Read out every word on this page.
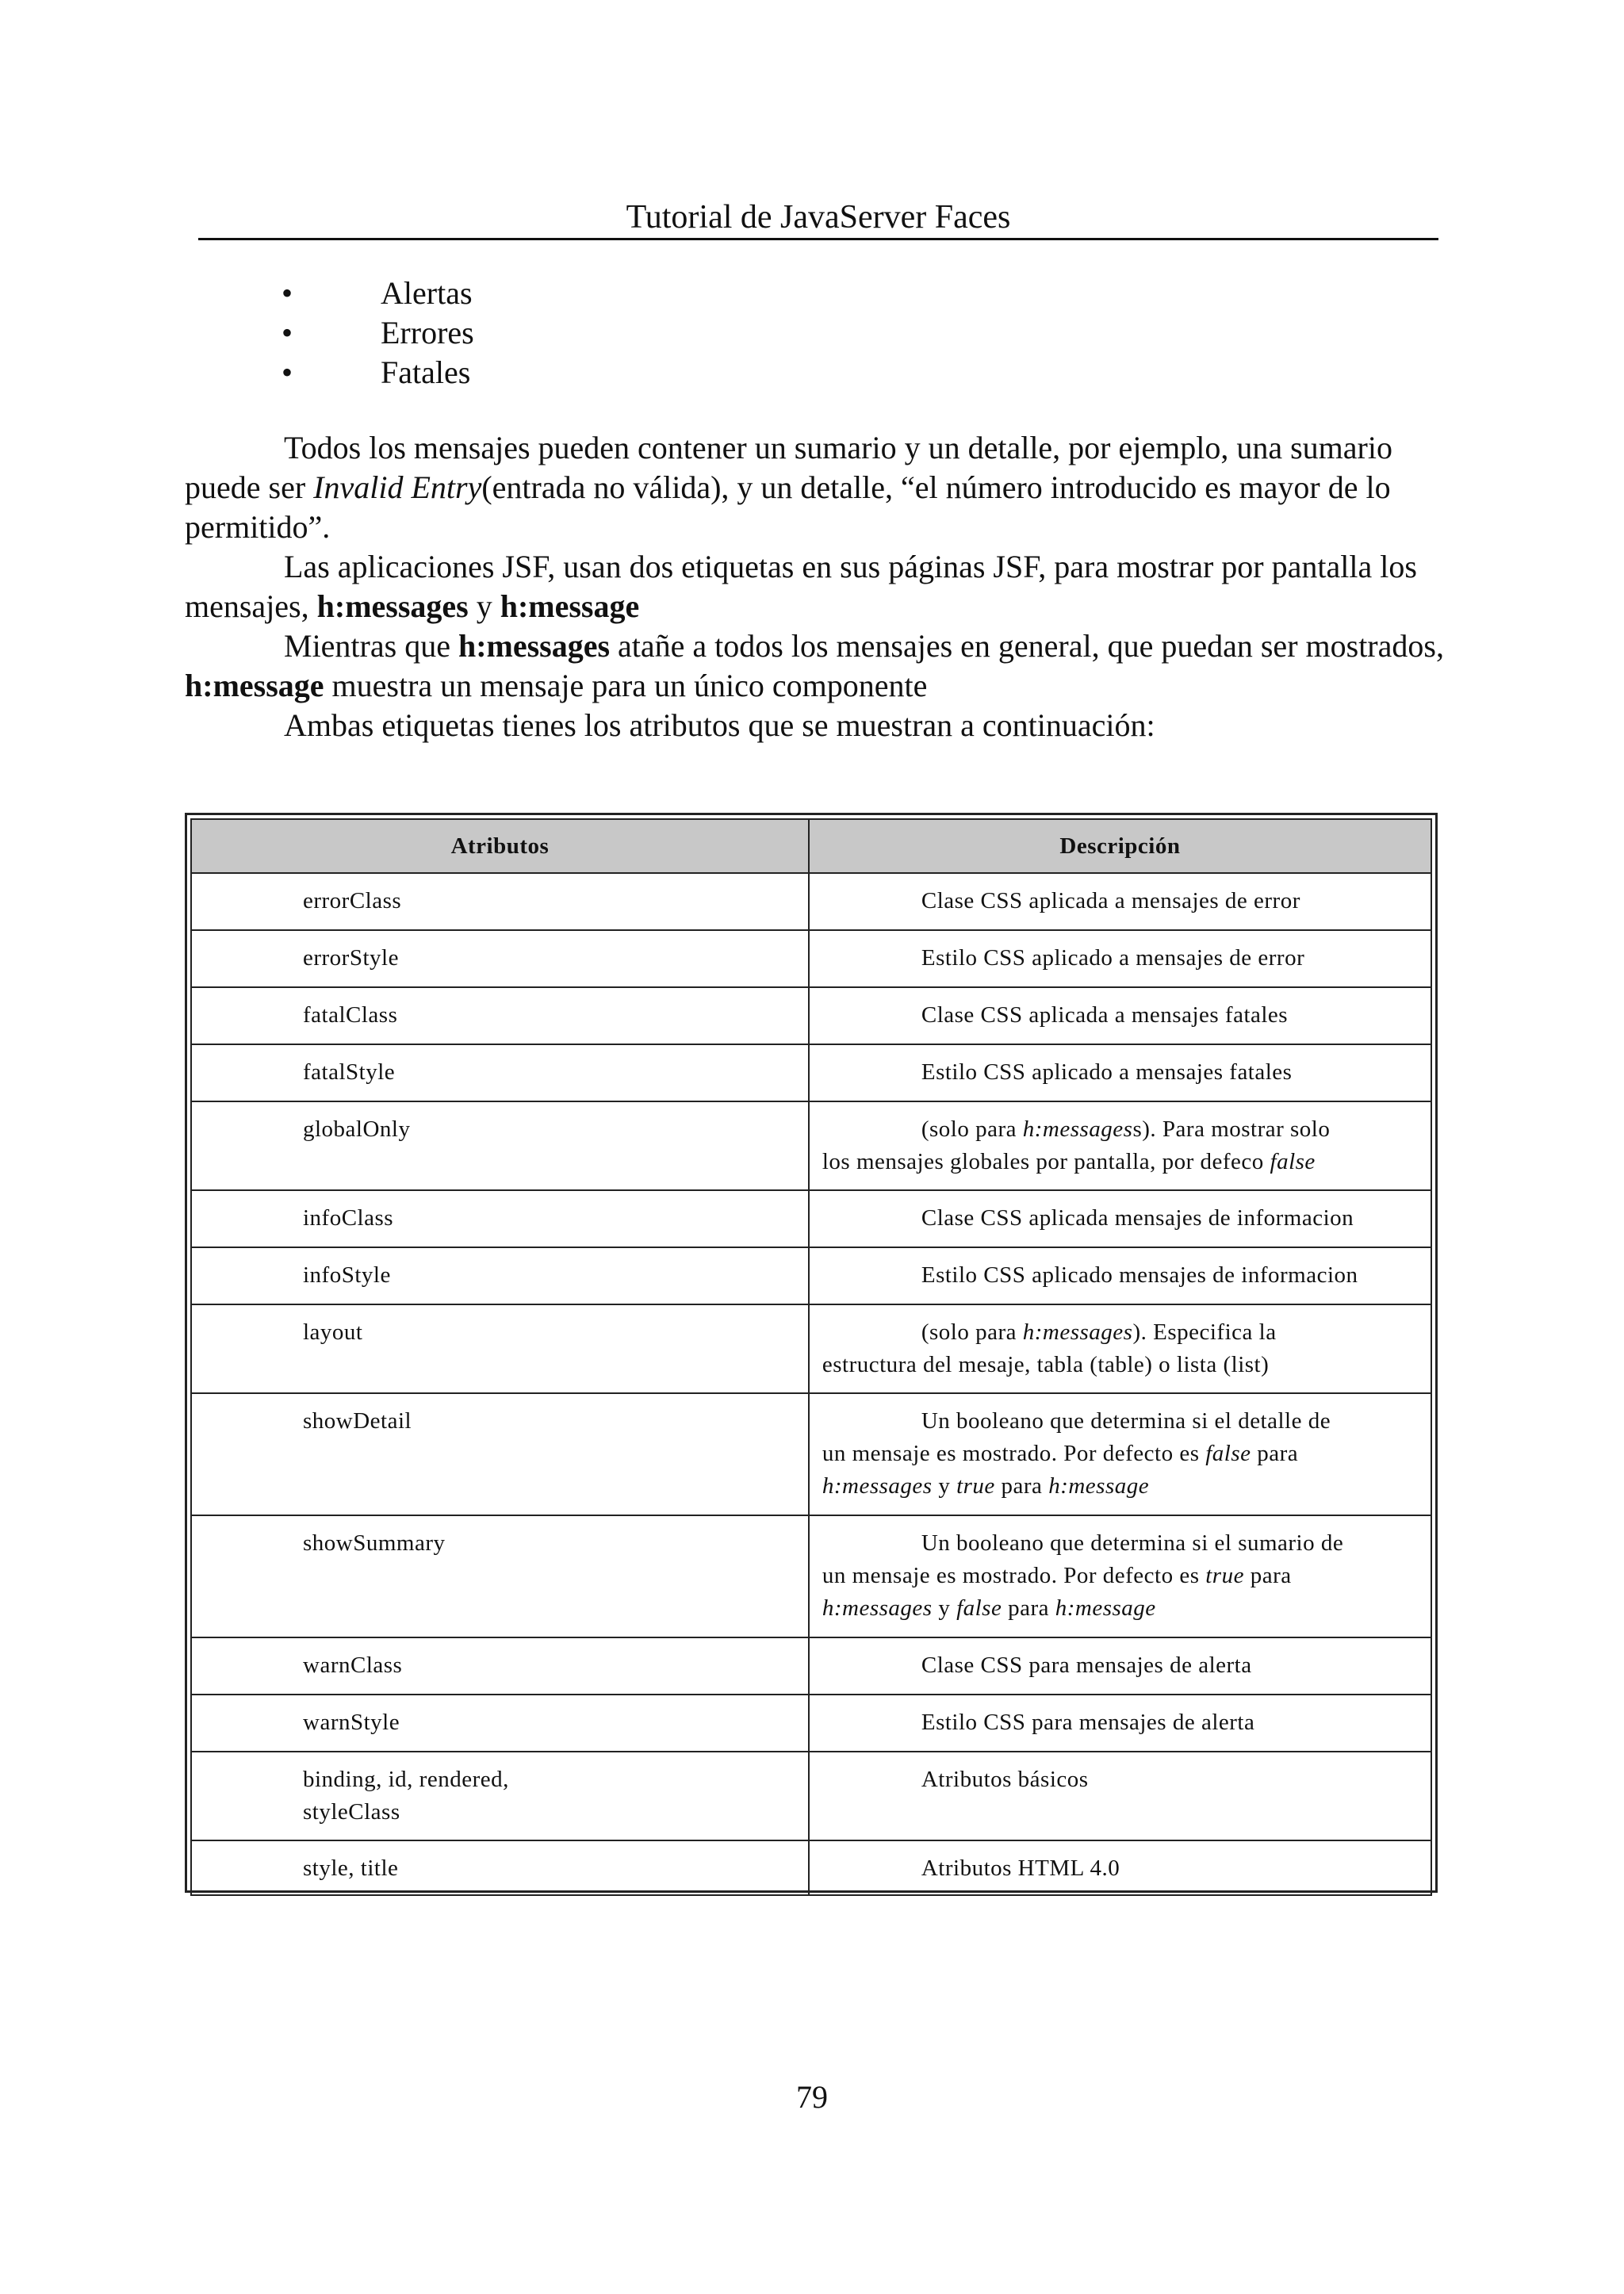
Tutorial de JavaServer Faces
• Alertas
• Errores
• Fatales

Todos los mensajes pueden contener un sumario y un detalle, por ejemplo, una sumario puede ser Invalid Entry(entrada no válida), y un detalle, “el número introducido es mayor de lo permitido”.

Las aplicaciones JSF, usan dos etiquetas en sus páginas JSF, para mostrar por pantalla los mensajes, h:messages y h:message

Mientras que h:messages atañe a todos los mensajes en general, que puedan ser mostrados, h:message muestra un mensaje para un único componente

Ambas etiquetas tienes los atributos que se muestran a continuación:

Atributos	Descripción
errorClass	Clase CSS aplicada a mensajes de error

errorStyle	Estilo CSS aplicado a mensajes de error

fatalClass	Clase CSS aplicada a mensajes fatales

fatalStyle	Estilo CSS aplicado a mensajes fatales

globalOnly	(solo para h:messagess). Para mostrar solo

los mensajes globales por pantalla, por defeco false

infoClass	Clase CSS aplicada mensajes de informacion

infoStyle	Estilo CSS aplicado mensajes de informacion

layout	(solo para h:messages). Especifica la

estructura del mesaje, tabla (table) o lista (list)

showDetail	Un booleano que determina si el detalle de

un mensaje es mostrado. Por defecto es false para

h:messages y true para h:message

showSummary	Un booleano que determina si el sumario de

un mensaje es mostrado. Por defecto es true para

h:messages y false para h:message

warnClass	Clase CSS para mensajes de alerta

warnStyle	Estilo CSS para mensajes de alerta

binding, id, rendered,
styleClass	Atributos básicos

style, title	Atributos HTML 4.0

79
